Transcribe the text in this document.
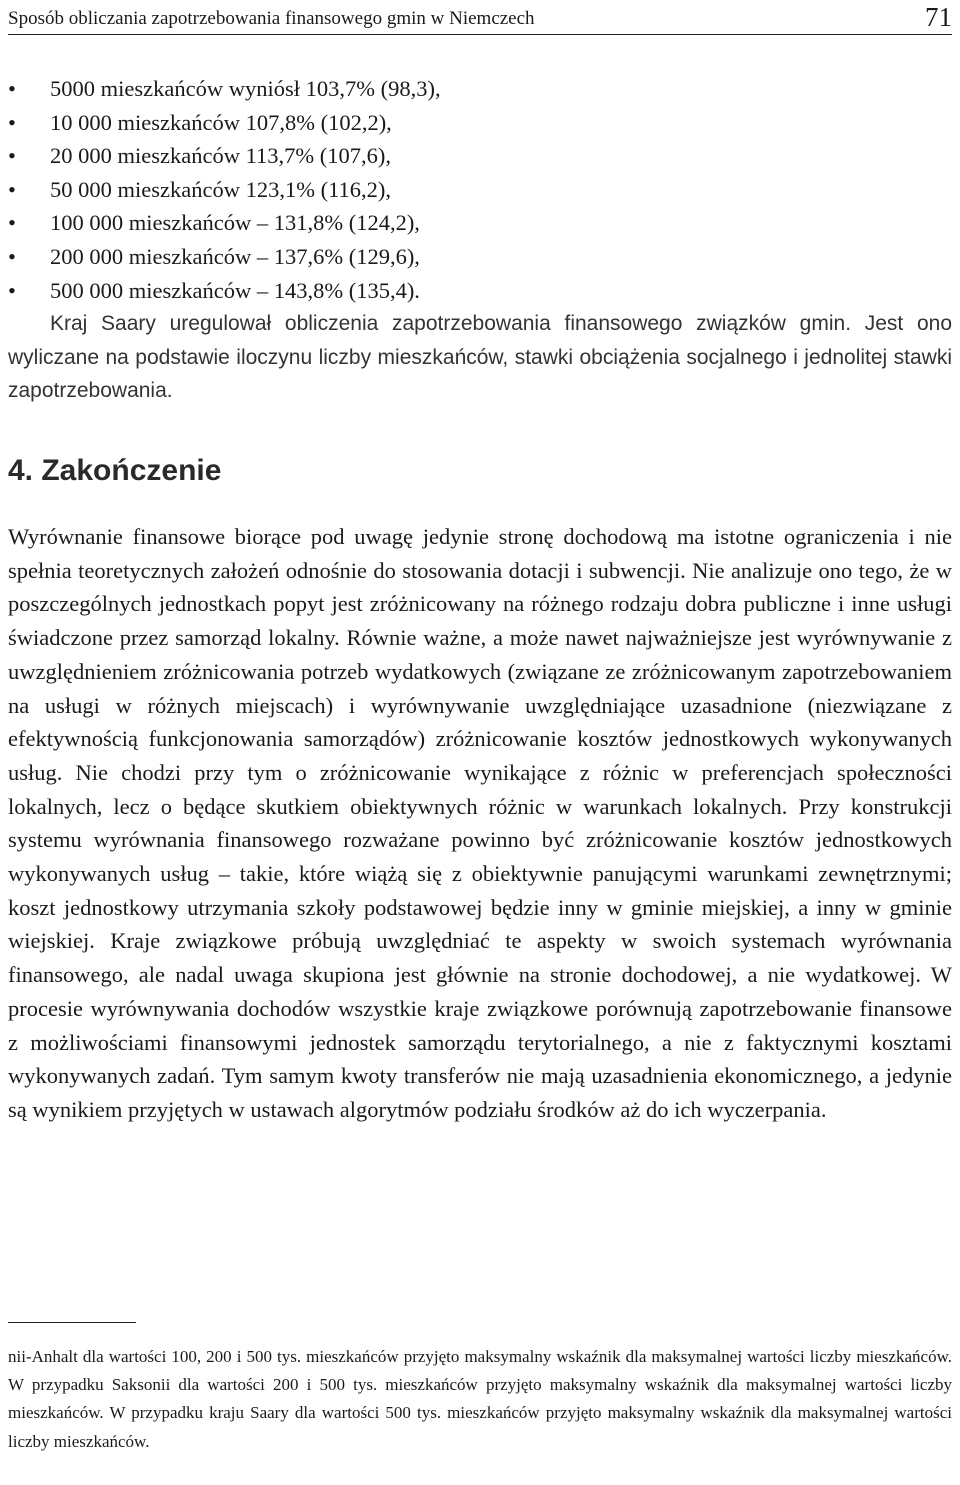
Sposób obliczania zapotrzebowania finansowego gmin w Niemczech	71
• 5000 mieszkańców wyniósł 103,7% (98,3),
• 10 000 mieszkańców 107,8% (102,2),
• 20 000 mieszkańców 113,7% (107,6),
• 50 000 mieszkańców 123,1% (116,2),
• 100 000 mieszkańców – 131,8% (124,2),
• 200 000 mieszkańców – 137,6% (129,6),
• 500 000 mieszkańców – 143,8% (135,4).

Kraj Saary uregulował obliczenia zapotrzebowania finansowego związków gmin. Jest ono wyliczane na podstawie iloczynu liczby mieszkańców, stawki obciążenia socjalnego i jednolitej stawki zapotrzebowania.

4. Zakończenie

Wyrównanie finansowe biorące pod uwagę jedynie stronę dochodową ma istotne ograniczenia i nie spełnia teoretycznych założeń odnośnie do stosowania dotacji i subwencji. Nie analizuje ono tego, że w poszczególnych jednostkach popyt jest zróżnicowany na różnego rodzaju dobra publiczne i inne usługi świadczone przez samorząd lokalny. Równie ważne, a może nawet najważniejsze jest wyrównywanie z uwzględnieniem zróżnicowania potrzeb wydatkowych (związane ze zróżnicowanym zapotrzebowaniem na usługi w różnych miejscach) i wyrównywanie uwzględniające uzasadnione (niezwiązane z efektywnością funkcjonowania samorządów) zróżnicowanie kosztów jednostkowych wykonywanych usług. Nie chodzi przy tym o zróżnicowanie wynikające z różnic w preferencjach społeczności lokalnych, lecz o będące skutkiem obiektywnych różnic w warunkach lokalnych. Przy konstrukcji systemu wyrównania finansowego rozważane powinno być zróżnicowanie kosztów jednostkowych wykonywanych usług – takie, które wiążą się z obiektywnie panującymi warunkami zewnętrznymi; koszt jednostkowy utrzymania szkoły podstawowej będzie inny w gminie miejskiej, a inny w gminie wiejskiej. Kraje związkowe próbują uwzględniać te aspekty w swoich systemach wyrównania finansowego, ale nadal uwaga skupiona jest głównie na stronie dochodowej, a nie wydatkowej. W procesie wyrównywania dochodów wszystkie kraje związkowe porównują zapotrzebowanie finansowe z możliwościami finansowymi jednostek samorządu terytorialnego, a nie z faktycznymi kosztami wykonywanych zadań. Tym samym kwoty transferów nie mają uzasadnienia ekonomicznego, a jedynie są wynikiem przyjętych w ustawach algorytmów podziału środków aż do ich wyczerpania.

nii-Anhalt dla wartości 100, 200 i 500 tys. mieszkańców przyjęto maksymalny wskaźnik dla maksymalnej wartości liczby mieszkańców. W przypadku Saksonii dla wartości 200 i 500 tys. mieszkańców przyjęto maksymalny wskaźnik dla maksymalnej wartości liczby mieszkańców. W przypadku kraju Saary dla wartości 500 tys. mieszkańców przyjęto maksymalny wskaźnik dla maksymalnej wartości liczby mieszkańców.
